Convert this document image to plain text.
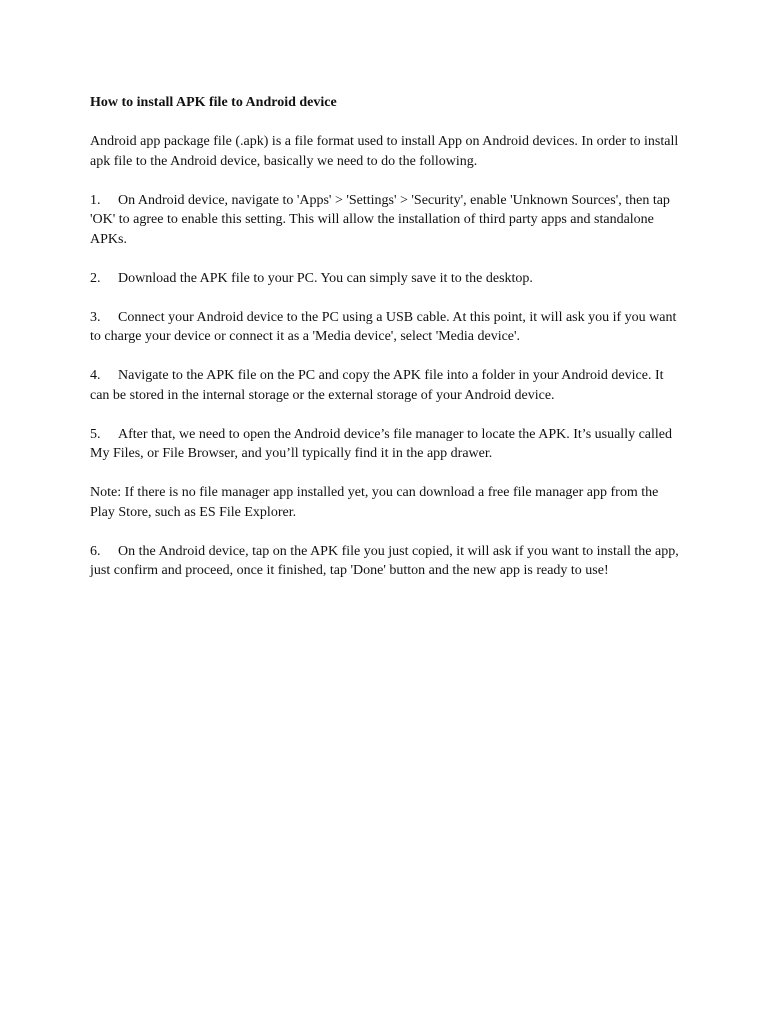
How to install APK file to Android device
Android app package file (.apk) is a file format used to install App on Android devices. In order to install apk file to the Android device, basically we need to do the following.
1. On Android device, navigate to 'Apps' > 'Settings' > 'Security', enable 'Unknown Sources', then tap 'OK' to agree to enable this setting. This will allow the installation of third party apps and standalone APKs.
2. Download the APK file to your PC. You can simply save it to the desktop.
3. Connect your Android device to the PC using a USB cable. At this point, it will ask you if you want to charge your device or connect it as a 'Media device', select 'Media device'.
4. Navigate to the APK file on the PC and copy the APK file into a folder in your Android device. It can be stored in the internal storage or the external storage of your Android device.
5. After that, we need to open the Android device’s file manager to locate the APK. It’s usually called My Files, or File Browser, and you’ll typically find it in the app drawer.
Note: If there is no file manager app installed yet, you can download a free file manager app from the Play Store, such as ES File Explorer.
6. On the Android device, tap on the APK file you just copied, it will ask if you want to install the app, just confirm and proceed, once it finished, tap 'Done' button and the new app is ready to use!
